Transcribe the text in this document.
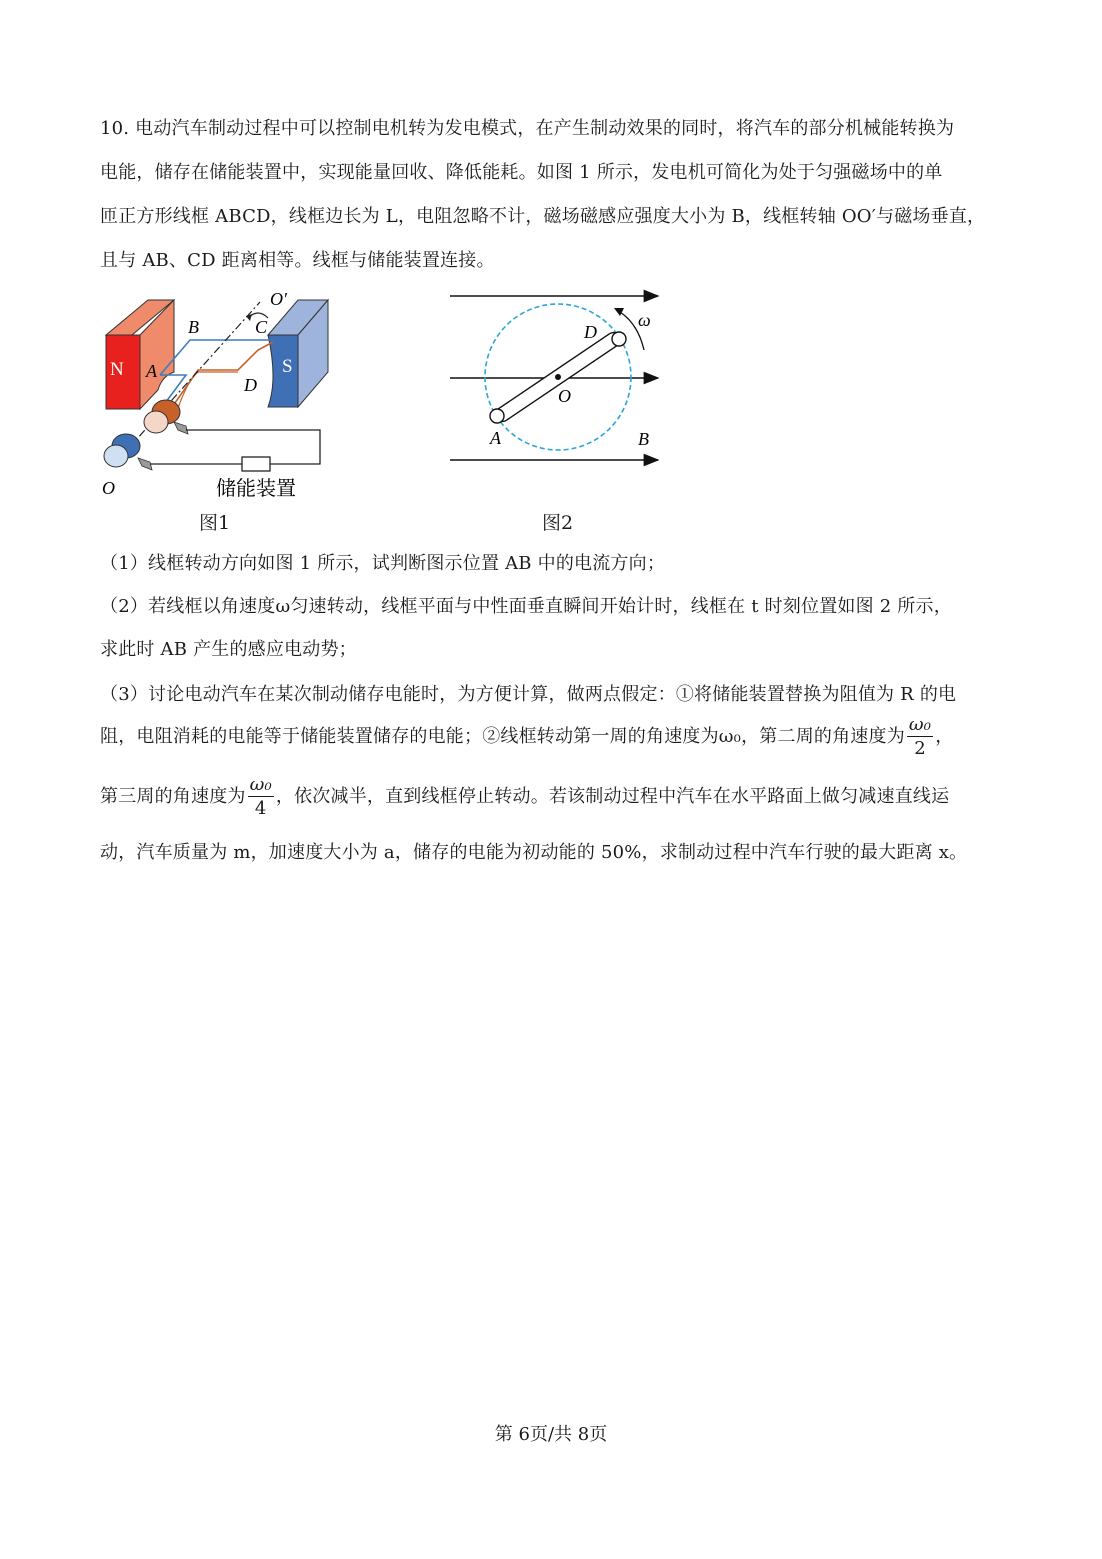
10. 电动汽车制动过程中可以控制电机转为发电模式，在产生制动效果的同时，将汽车的部分机械能转换为
电能，储存在储能装置中，实现能量回收、降低能耗。如图 1 所示，发电机可简化为处于匀强磁场中的单
匝正方形线框 ABCD，线框边长为 L，电阻忽略不计，磁场磁感应强度大小为 B，线框转轴 OO′与磁场垂直，
且与 AB、CD 距离相等。线框与储能装置连接。
N	S
A
B	C
D
O′
O	储能装置
图1
D
A
O
B
ω
图2
（1）线框转动方向如图 1 所示，试判断图示位置 AB 中的电流方向；
（2）若线框以角速度ω匀速转动，线框平面与中性面垂直瞬间开始计时，线框在 t 时刻位置如图 2 所示，
求此时 AB 产生的感应电动势；
（3）讨论电动汽车在某次制动储存电能时，为方便计算，做两点假定：①将储能装置替换为阻值为 R 的电
阻，电阻消耗的电能等于储能装置储存的电能；②线框转动第一周的角速度为ω₀，第二周的角速度为 $\frac{\text{ω₀}}{2}$ ，
第三周的角速度为 $\frac{\text{ω₀}}{4}$ ，依次减半，直到线框停止转动。若该制动过程中汽车在水平路面上做匀减速直线运
动，汽车质量为 m，加速度大小为 a，储存的电能为初动能的 50%，求制动过程中汽车行驶的最大距离 x。
第 6页/共 8页
